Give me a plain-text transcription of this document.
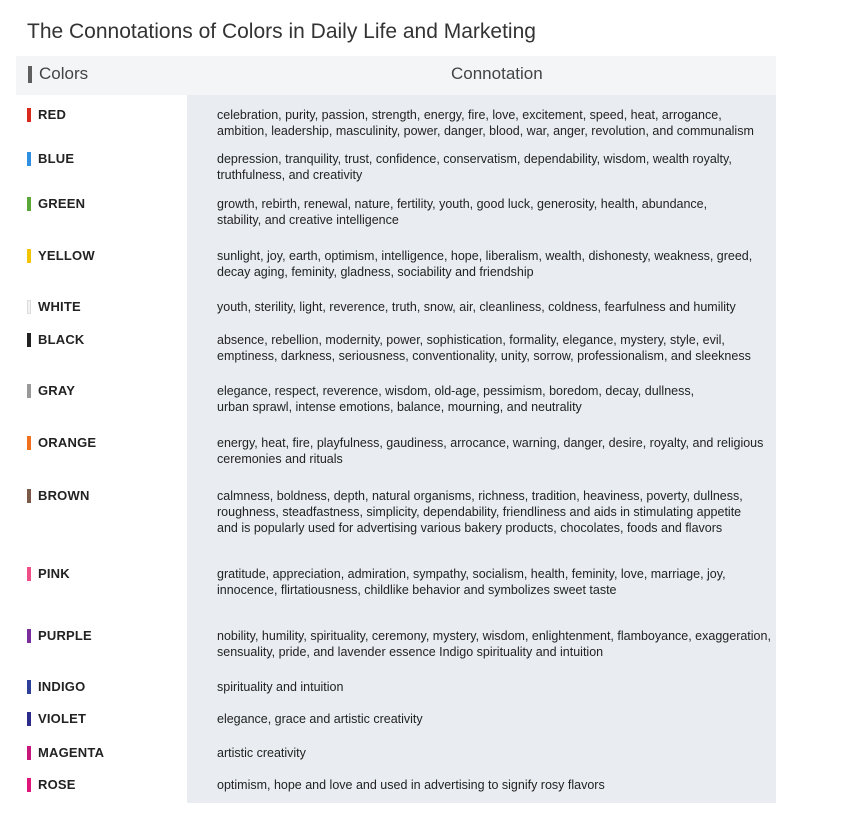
The Connotations of Colors in Daily Life and Marketing
Colors	Connotation
RED	celebration, purity, passion, strength, energy, fire, love, excitement, speed, heat, arrogance,
ambition, leadership, masculinity, power, danger, blood, war, anger, revolution, and communalism
BLUE	depression, tranquility, trust, confidence, conservatism, dependability, wisdom, wealth royalty,
truthfulness, and creativity
GREEN	growth, rebirth, renewal, nature, fertility, youth, good luck, generosity, health, abundance,
stability, and creative intelligence
YELLOW	sunlight, joy, earth, optimism, intelligence, hope, liberalism, wealth, dishonesty, weakness, greed,
decay aging, feminity, gladness, sociability and friendship
WHITE	youth, sterility, light, reverence, truth, snow, air, cleanliness, coldness, fearfulness and humility
BLACK	absence, rebellion, modernity, power, sophistication, formality, elegance, mystery, style, evil,
emptiness, darkness, seriousness, conventionality, unity, sorrow, professionalism, and sleekness
GRAY	elegance, respect, reverence, wisdom, old-age, pessimism, boredom, decay, dullness,
urban sprawl, intense emotions, balance, mourning, and neutrality
ORANGE	energy, heat, fire, playfulness, gaudiness, arrocance, warning, danger, desire, royalty, and religious
ceremonies and rituals
BROWN	calmness, boldness, depth, natural organisms, richness, tradition, heaviness, poverty, dullness,
roughness, steadfastness, simplicity, dependability, friendliness and aids in stimulating appetite
and is popularly used for advertising various bakery products, chocolates, foods and flavors
PINK	gratitude, appreciation, admiration, sympathy, socialism, health, feminity, love, marriage, joy,
innocence, flirtatiousness, childlike behavior and symbolizes sweet taste
PURPLE	nobility, humility, spirituality, ceremony, mystery, wisdom, enlightenment, flamboyance, exaggeration,
sensuality, pride, and lavender essence Indigo spirituality and intuition
INDIGO	spirituality and intuition
VIOLET	elegance, grace and artistic creativity
MAGENTA	artistic creativity
ROSE	optimism, hope and love and used in advertising to signify rosy flavors
